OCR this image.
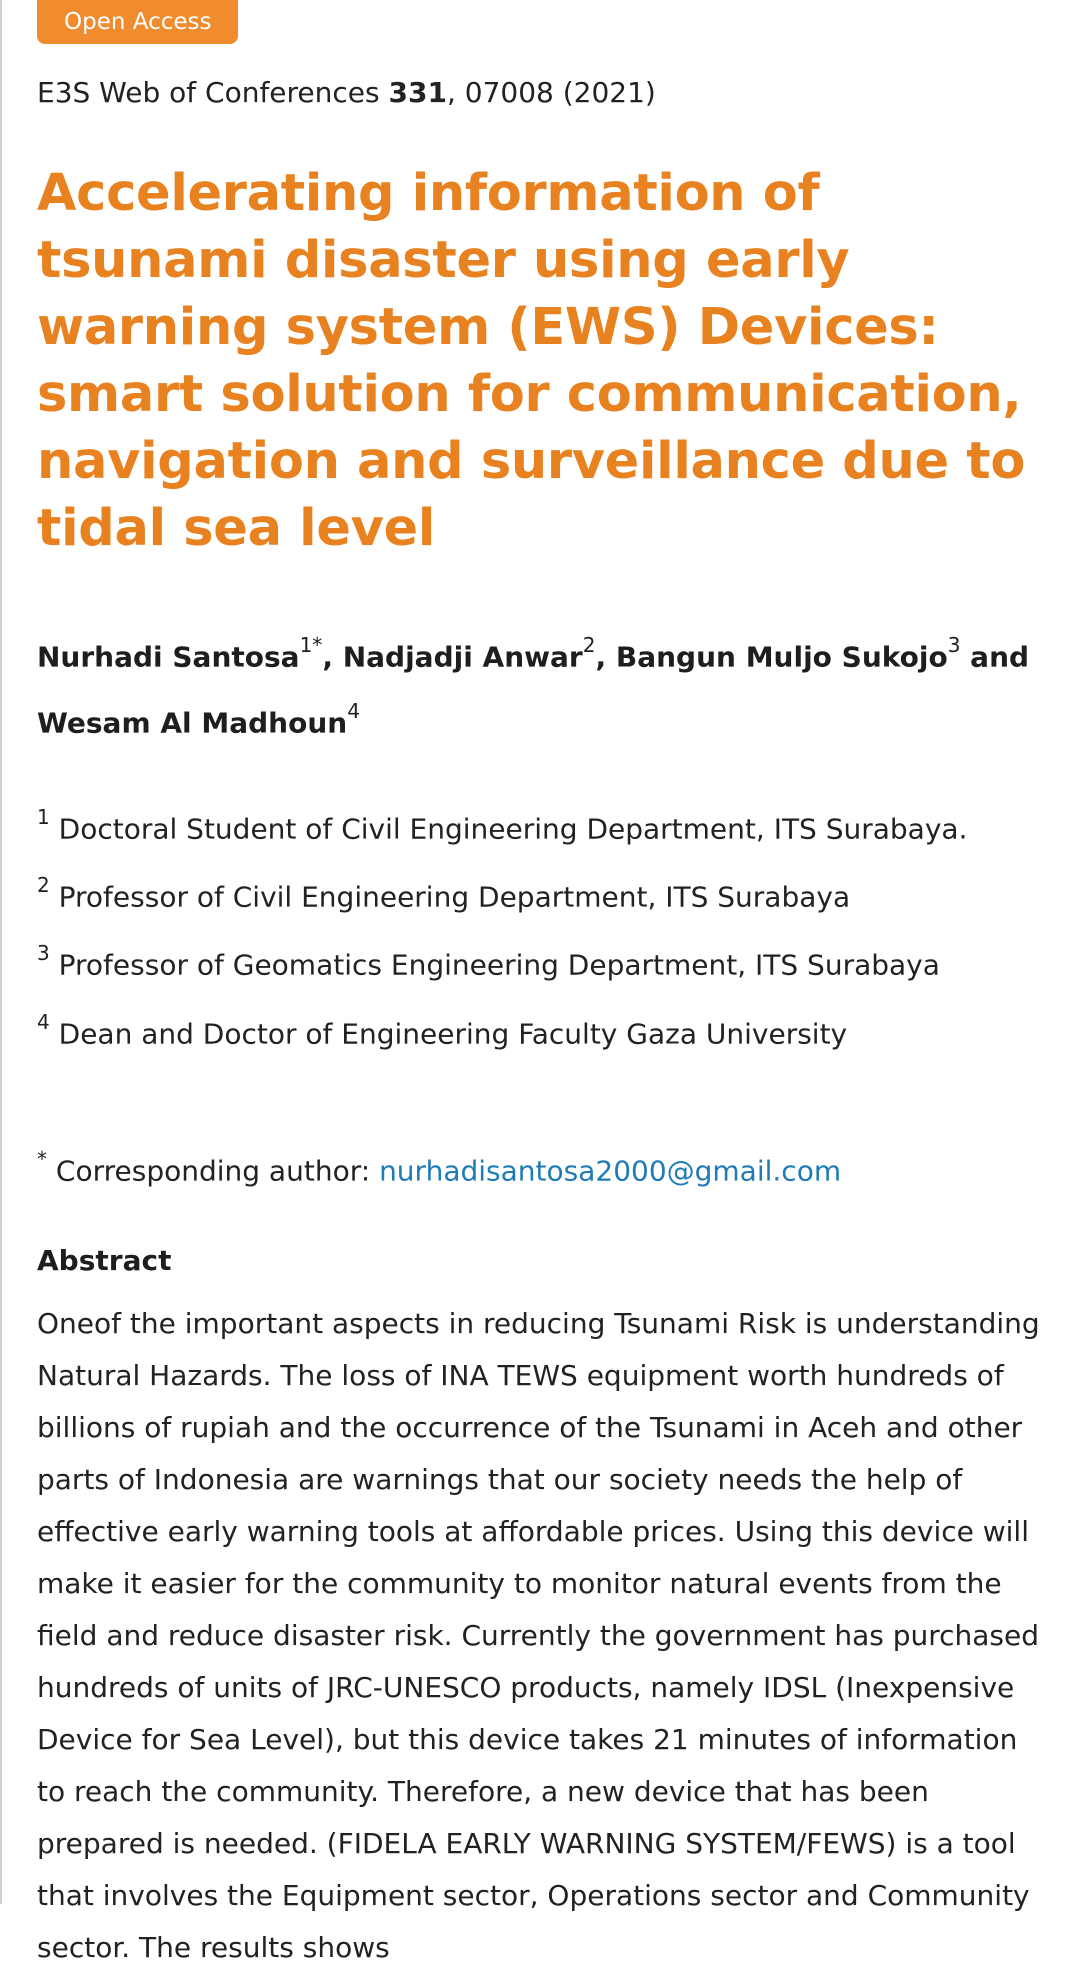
Open Access
E3S Web of Conferences 331, 07008 (2021)
Accelerating information of tsunami disaster using early warning system (EWS) Devices: smart solution for communication, navigation and surveillance due to tidal sea level
Nurhadi Santosa$^{1*}$, Nadjadji Anwar$^2$, Bangun Muljo Sukojo$^3$ and
Wesam Al Madhoun$^4$
$^1$ Doctoral Student of Civil Engineering Department, ITS Surabaya.
$^2$ Professor of Civil Engineering Department, ITS Surabaya
$^3$ Professor of Geomatics Engineering Department, ITS Surabaya
$^4$ Dean and Doctor of Engineering Faculty Gaza University
* Corresponding author: nurhadisantosa2000@gmail.com
Abstract
Oneof the important aspects in reducing Tsunami Risk is understanding Natural Hazards. The loss of INA TEWS equipment worth hundreds of billions of rupiah and the occurrence of the Tsunami in Aceh and other parts of Indonesia are warnings that our society needs the help of effective early warning tools at affordable prices. Using this device will make it easier for the community to monitor natural events from the field and reduce disaster risk. Currently the government has purchased hundreds of units of JRC-UNESCO products, namely IDSL (Inexpensive Device for Sea Level), but this device takes 21 minutes of information to reach the community. Therefore, a new device that has been prepared is needed. (FIDELA EARLY WARNING SYSTEM/FEWS) is a tool that involves the Equipment sector, Operations sector and Community sector. The results shows
